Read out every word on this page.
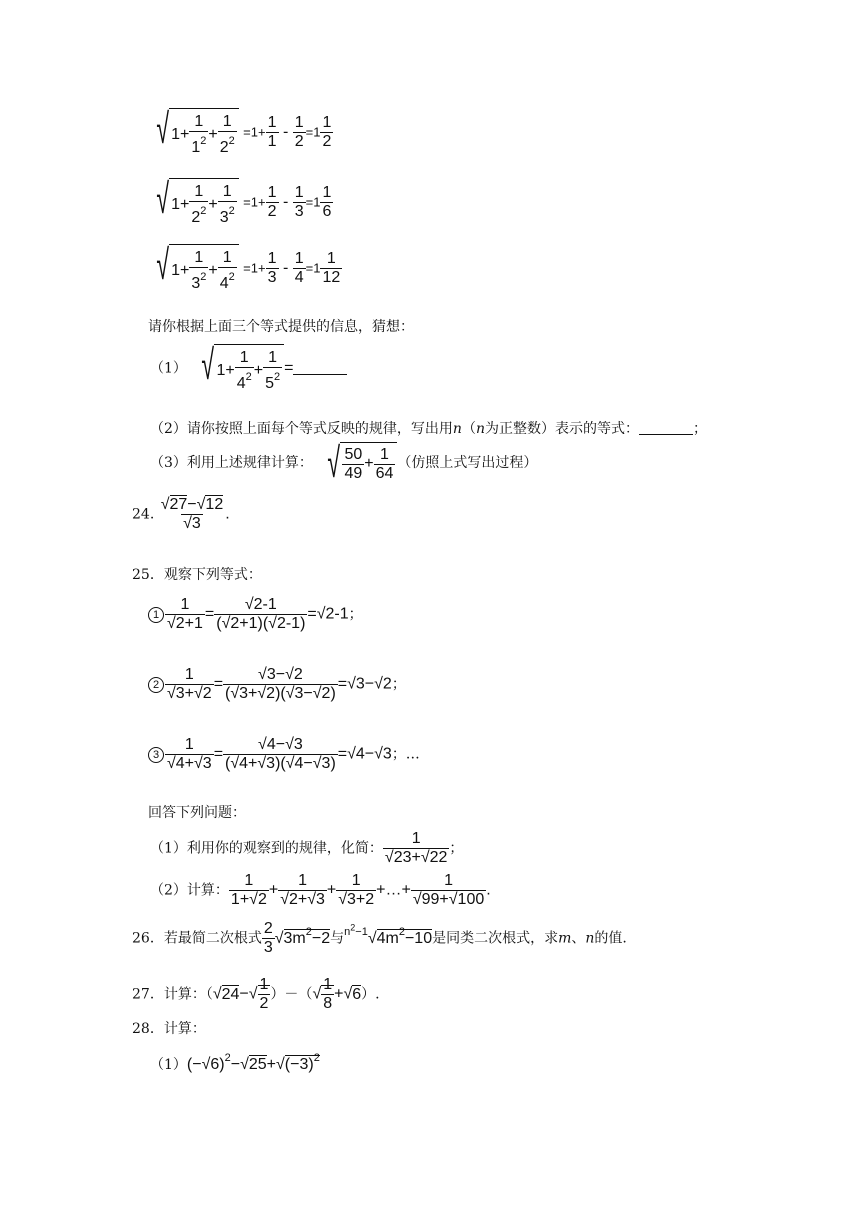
√ $1+ \frac{1}{1^2} + \frac{1}{2^2} =1+ \frac{1}{1} - \frac{1}{2} =1 \frac{1}{2}$
√ $1+ \frac{1}{2^2} + \frac{1}{3^2} =1+ \frac{1}{2} - \frac{1}{3} =1 \frac{1}{6}$
√ $1+ \frac{1}{3^2} + \frac{1}{4^2} =1+ \frac{1}{3} - \frac{1}{4} =1 \frac{1}{12}$
请你根据上面三个等式提供的信息，猜想：
（1） √ $1+ \frac{1}{4^2} + \frac{1}{5^2}$ =
（2）请你按照上面每个等式反映的规律，写出用n（n为正整数）表示的等式：	；
（3）利用上述规律计算： √ $\frac{50}{49} + \frac{1}{64}$ （仿照上式写出过程）
24. $\frac{√27-√12}{√3}$ .
25．观察下列等式：
$1 \frac{1}{√2+1} = \frac{√2-1}{(√2+1)(√2-1)} =√2-1$；
$2 \frac{1}{√3+√2} = \frac{√3-√2}{(√3+√2)(√3-√2)} =√3-√2$；
$3 \frac{1}{√4+√3} = \frac{√4-√3}{(√4+√3)(√4-√3)} =√4-√3$；…
回答下列问题：
（1）利用你的观察到的规律，化简： $\frac{1}{√23+√22}$ ；
（2）计算： $\frac{1}{1+√2} + \frac{1}{√2+√3} + \frac{1}{√3+2}$ +…+ $\frac{1}{√99+√100}$ .
26．若最简二次根式 $\frac{2}{3} √3m^2-2$与$^{n^2-1}√4m^2-10$是同类二次根式，求m、n的值.
27．计算：（$√24-√ \frac{1}{2}$ ）－（√ $\frac{1}{8} +√6$）.
28．计算：
$(1)(-√6)^2-√25+√(-3)^2$
